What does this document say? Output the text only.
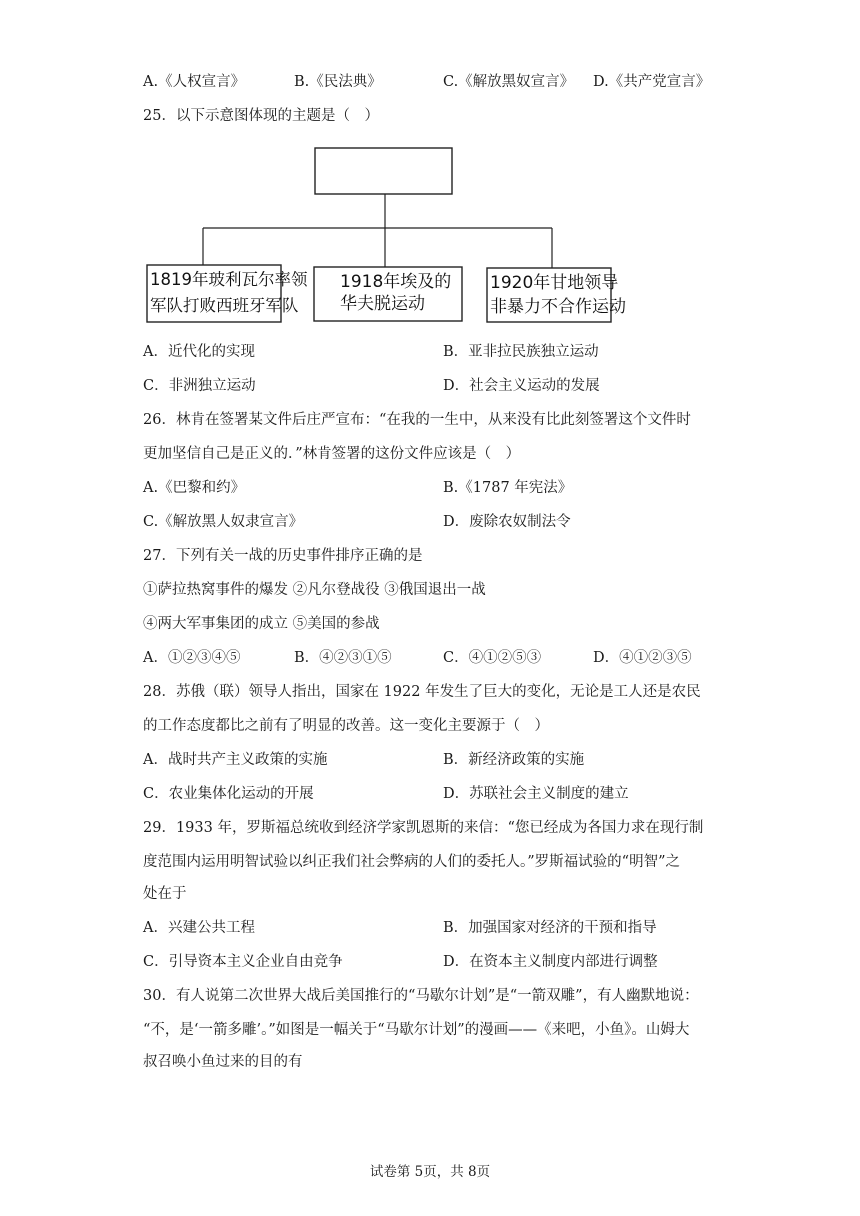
A.《人权宣言》	B.《民法典》	C.《解放黑奴宣言》 D.《共产党宣言》
25．以下示意图体现的主题是（　）
1819年玻利瓦尔率领
军队打败西班牙军队
1918年埃及的
华夫脱运动
1920年甘地领导
非暴力不合作运动
A．近代化的实现	B．亚非拉民族独立运动
C．非洲独立运动	D．社会主义运动的发展
26．林肯在签署某文件后庄严宣布：“在我的一生中，从来没有比此刻签署这个文件时
更加坚信自己是正义的．”林肯签署的这份文件应该是（　）
A.《巴黎和约》	B.《1787 年宪法》
C.《解放黑人奴隶宣言》	D．废除农奴制法令
27．下列有关一战的历史事件排序正确的是
①萨拉热窝事件的爆发 ②凡尔登战役 ③俄国退出一战
④两大军事集团的成立 ⑤美国的参战
A．①②③④⑤	B．④②③①⑤	C．④①②⑤③	D．④①②③⑤
28．苏俄（联）领导人指出，国家在 1922 年发生了巨大的变化，无论是工人还是农民
的工作态度都比之前有了明显的改善。这一变化主要源于（　）
A．战时共产主义政策的实施	B．新经济政策的实施
C．农业集体化运动的开展	D．苏联社会主义制度的建立
29．1933 年，罗斯福总统收到经济学家凯恩斯的来信：“您已经成为各国力求在现行制
度范围内运用明智试验以纠正我们社会弊病的人们的委托人。”罗斯福试验的“明智”之
处在于
A．兴建公共工程	B．加强国家对经济的干预和指导
C．引导资本主义企业自由竞争	D．在资本主义制度内部进行调整
30．有人说第二次世界大战后美国推行的“马歇尔计划”是“一箭双雕”，有人幽默地说：
“不，是‘一箭多雕’。”如图是一幅关于“马歇尔计划”的漫画——《来吧，小鱼》。山姆大
叔召唤小鱼过来的目的有
试卷第 5页，共 8页
